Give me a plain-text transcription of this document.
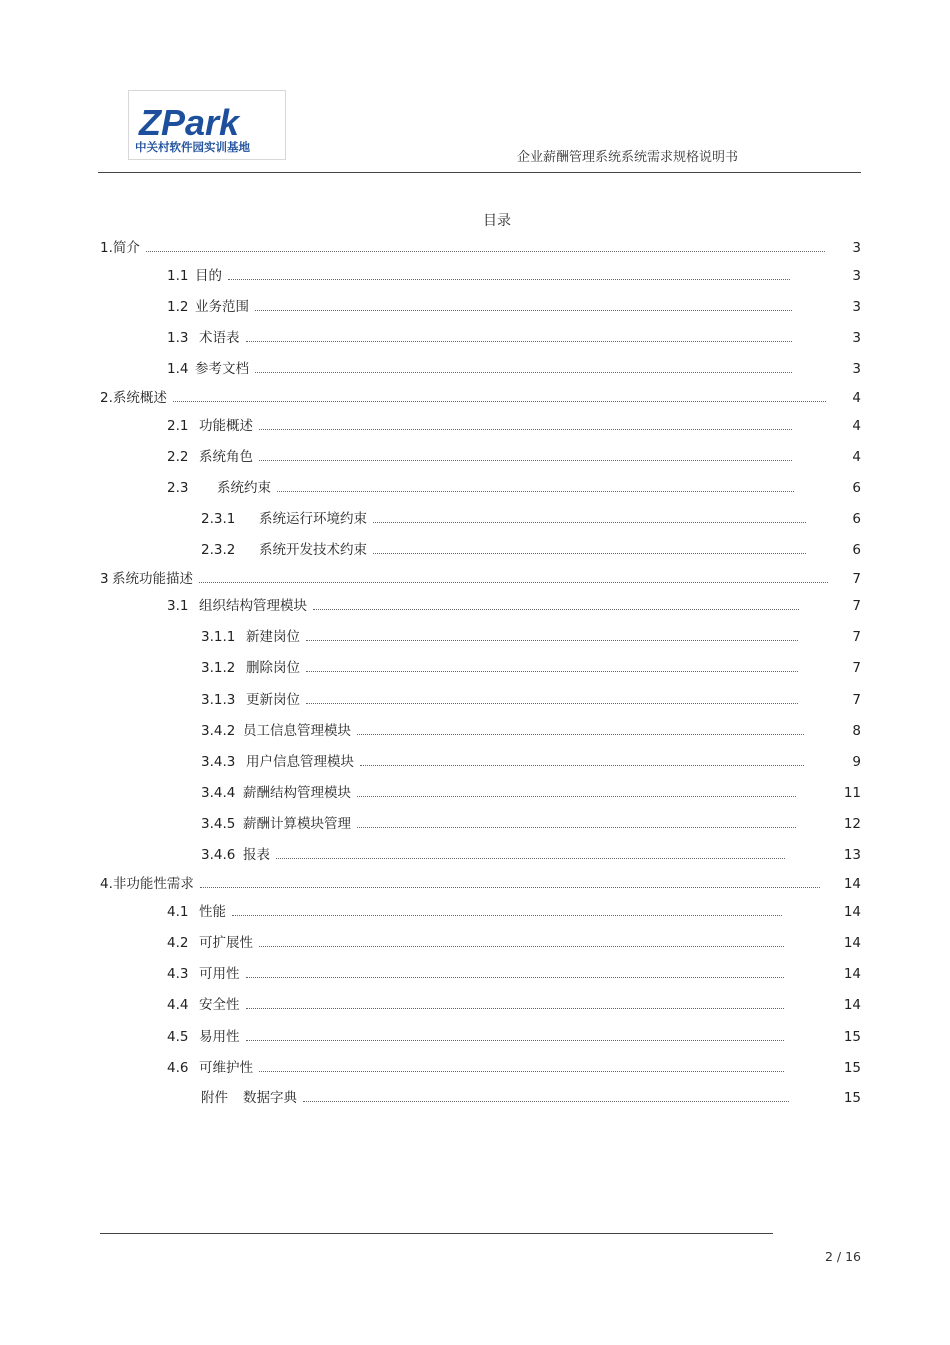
ZPark
中关村软件园实训基地
企业薪酬管理系统系统需求规格说明书
目录
1.简介	3
1.1 目的	3
1.2 业务范围	3
1.3 术语表	3
1.4 参考文档	3
2.系统概述	4
2.1 功能概述	4
2.2 系统角色	4
2.3 系统约束	6
2.3.1 系统运行环境约束	6
2.3.2 系统开发技术约束	6
3 系统功能描述	7
3.1 组织结构管理模块	7
3.1.1 新建岗位	7
3.1.2 删除岗位	7
3.1.3 更新岗位	7
3.4.2 员工信息管理模块	8
3.4.3 用户信息管理模块	9
3.4.4 薪酬结构管理模块	11
3.4.5 薪酬计算模块管理	12
3.4.6 报表	13
4.非功能性需求	14
4.1 性能	14
4.2 可扩展性	14
4.3 可用性	14
4.4 安全性	14
4.5 易用性	15
4.6 可维护性	15
附件 数据字典	15
2 / 16
